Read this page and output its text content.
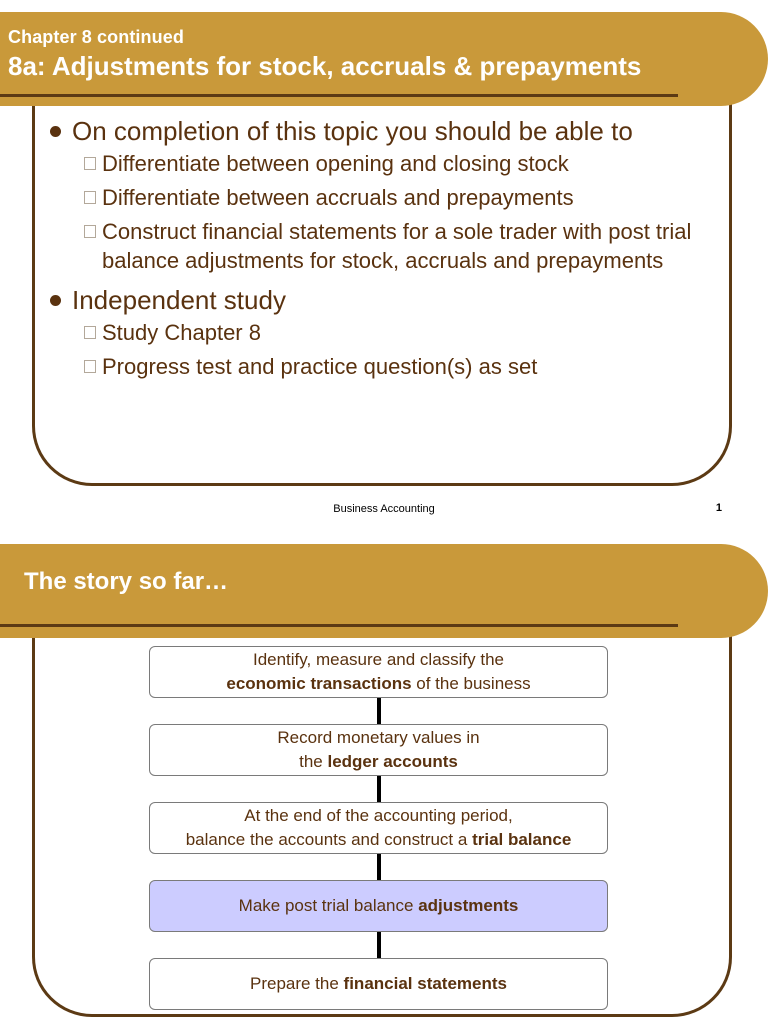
Chapter 8 continued
8a: Adjustments for stock, accruals & prepayments
On completion of this topic you should be able to
Differentiate between opening and closing stock
Differentiate between accruals and prepayments
Construct financial statements for a sole trader with post trial balance adjustments for stock, accruals and prepayments
Independent study
Study Chapter 8
Progress test and practice question(s) as set
Business Accounting	1
The story so far…
Identify, measure and classify the
economic transactions of the business
Record monetary values in
the ledger accounts
At the end of the accounting period,
balance the accounts and construct a trial balance
Make post trial balance adjustments
Prepare the financial statements
